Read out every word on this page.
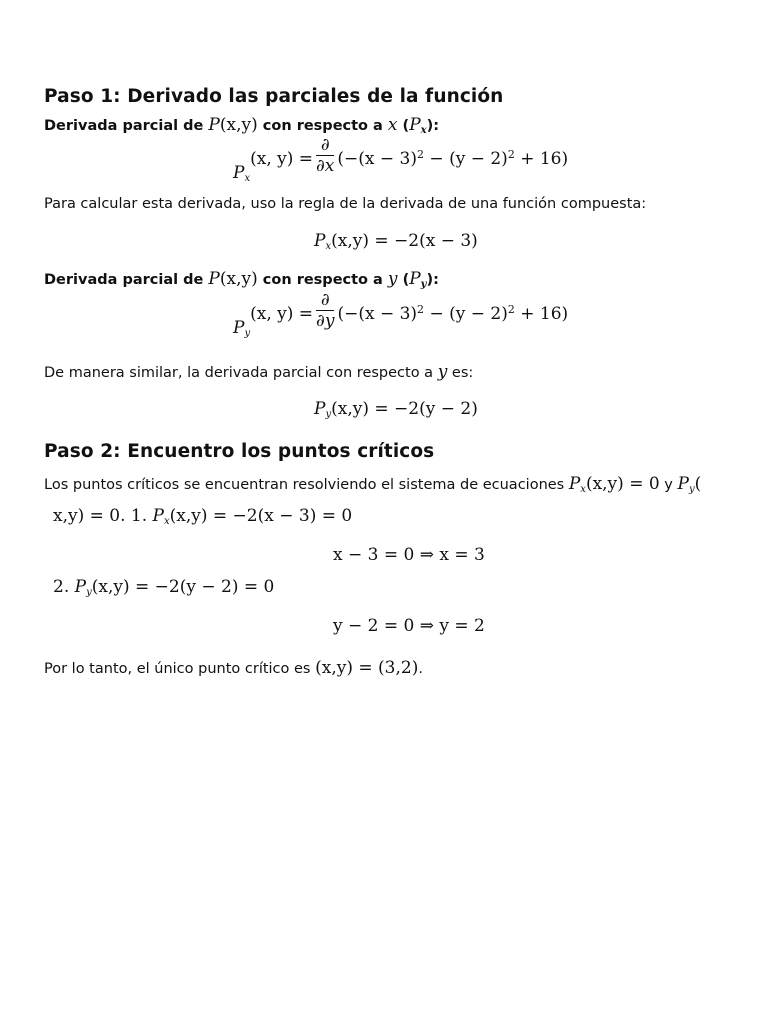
Paso 1: Derivado las parciales de la función
Derivada parcial de P(x,y) con respecto a x $(P_x)$:
$P_x(x$, $y) = \frac{\partial}{\partial x} (-(x - 3)^2 - (y - 2)^2 + 16)$
Para calcular esta derivada, uso la regla de la derivada de una función compuesta:
$P_x(x,y) = -2(x - 3)$
Derivada parcial de P(x,y) con respecto a y $(P_y)$:
$P_y(x$, $y) = \frac{\partial}{\partial y} (-(x - 3)^2 - (y - 2)^2 + 16)$
De manera similar, la derivada parcial con respecto a y es:
$P_y(x,y) = -2(y - 2)$
Paso 2: Encuentro los puntos críticos
Los puntos críticos se encuentran resolviendo el sistema de ecuaciones $P_x(x,y) = 0$ y $P_y$(
x,y) = 0. 1. $P_x(x,y) = -2(x - 3) = 0$
x − 3 = 0 ⇒ x = 3
2. $P_y(x,y) = -2(y - 2) = 0$
y − 2 = 0 ⇒ y = 2
Por lo tanto, el único punto crítico es (x,y) = (3,2).
